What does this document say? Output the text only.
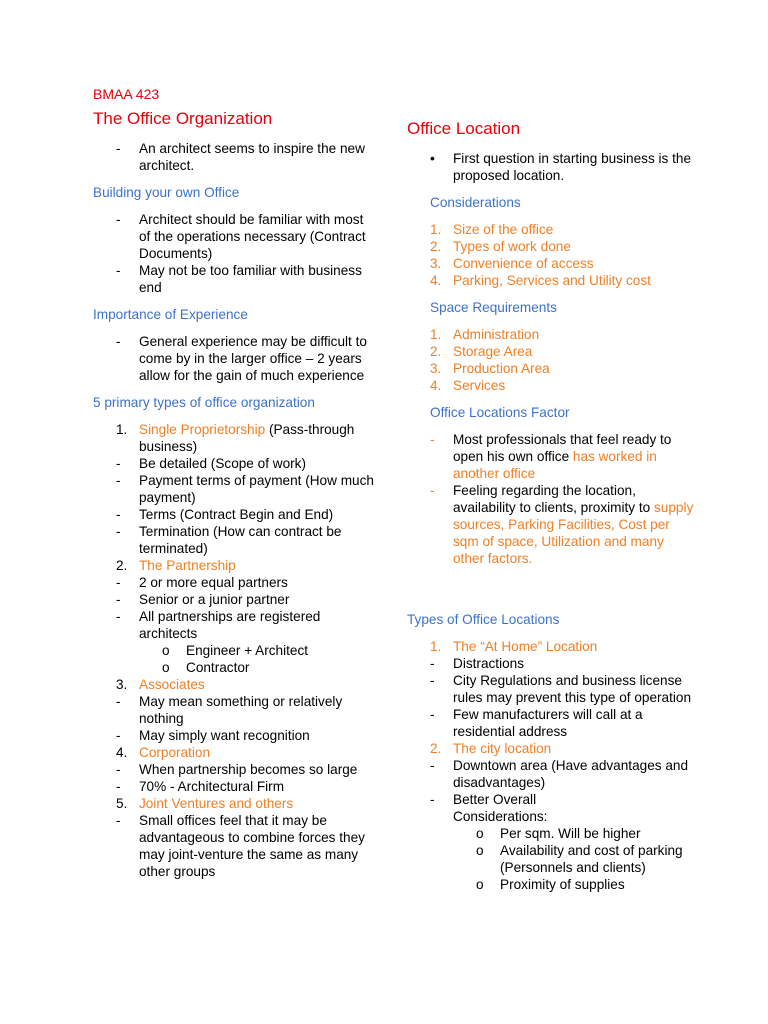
BMAA 423
The Office Organization
- An architect seems to inspire the new architect.
Building your own Office
- Architect should be familiar with most of the operations necessary (Contract Documents)
- May not be too familiar with business end
Importance of Experience
- General experience may be difficult to come by in the larger office – 2 years allow for the gain of much experience
5 primary types of office organization
1. Single Proprietorship (Pass-through business)
- Be detailed (Scope of work)
- Payment terms of payment (How much payment)
- Terms (Contract Begin and End)
- Termination (How can contract be terminated)
2. The Partnership
- 2 or more equal partners
- Senior or a junior partner
- All partnerships are registered architects
o Engineer + Architect
o Contractor
3. Associates
- May mean something or relatively nothing
- May simply want recognition
4. Corporation
- When partnership becomes so large
- 70% - Architectural Firm
5. Joint Ventures and others
- Small offices feel that it may be advantageous to combine forces they may joint-venture the same as many other groups
Office Location
• First question in starting business is the proposed location.
Considerations
1. Size of the office
2. Types of work done
3. Convenience of access
4. Parking, Services and Utility cost
Space Requirements
1. Administration
2. Storage Area
3. Production Area
4. Services
Office Locations Factor
- Most professionals that feel ready to open his own office has worked in another office
- Feeling regarding the location, availability to clients, proximity to supply sources, Parking Facilities, Cost per sqm of space, Utilization and many other factors.
Types of Office Locations
1. The “At Home” Location
- Distractions
- City Regulations and business license rules may prevent this type of operation
- Few manufacturers will call at a residential address
2. The city location
- Downtown area (Have advantages and disadvantages)
- Better Overall Considerations:
o Per sqm. Will be higher
o Availability and cost of parking (Personnels and clients)
o Proximity of supplies
